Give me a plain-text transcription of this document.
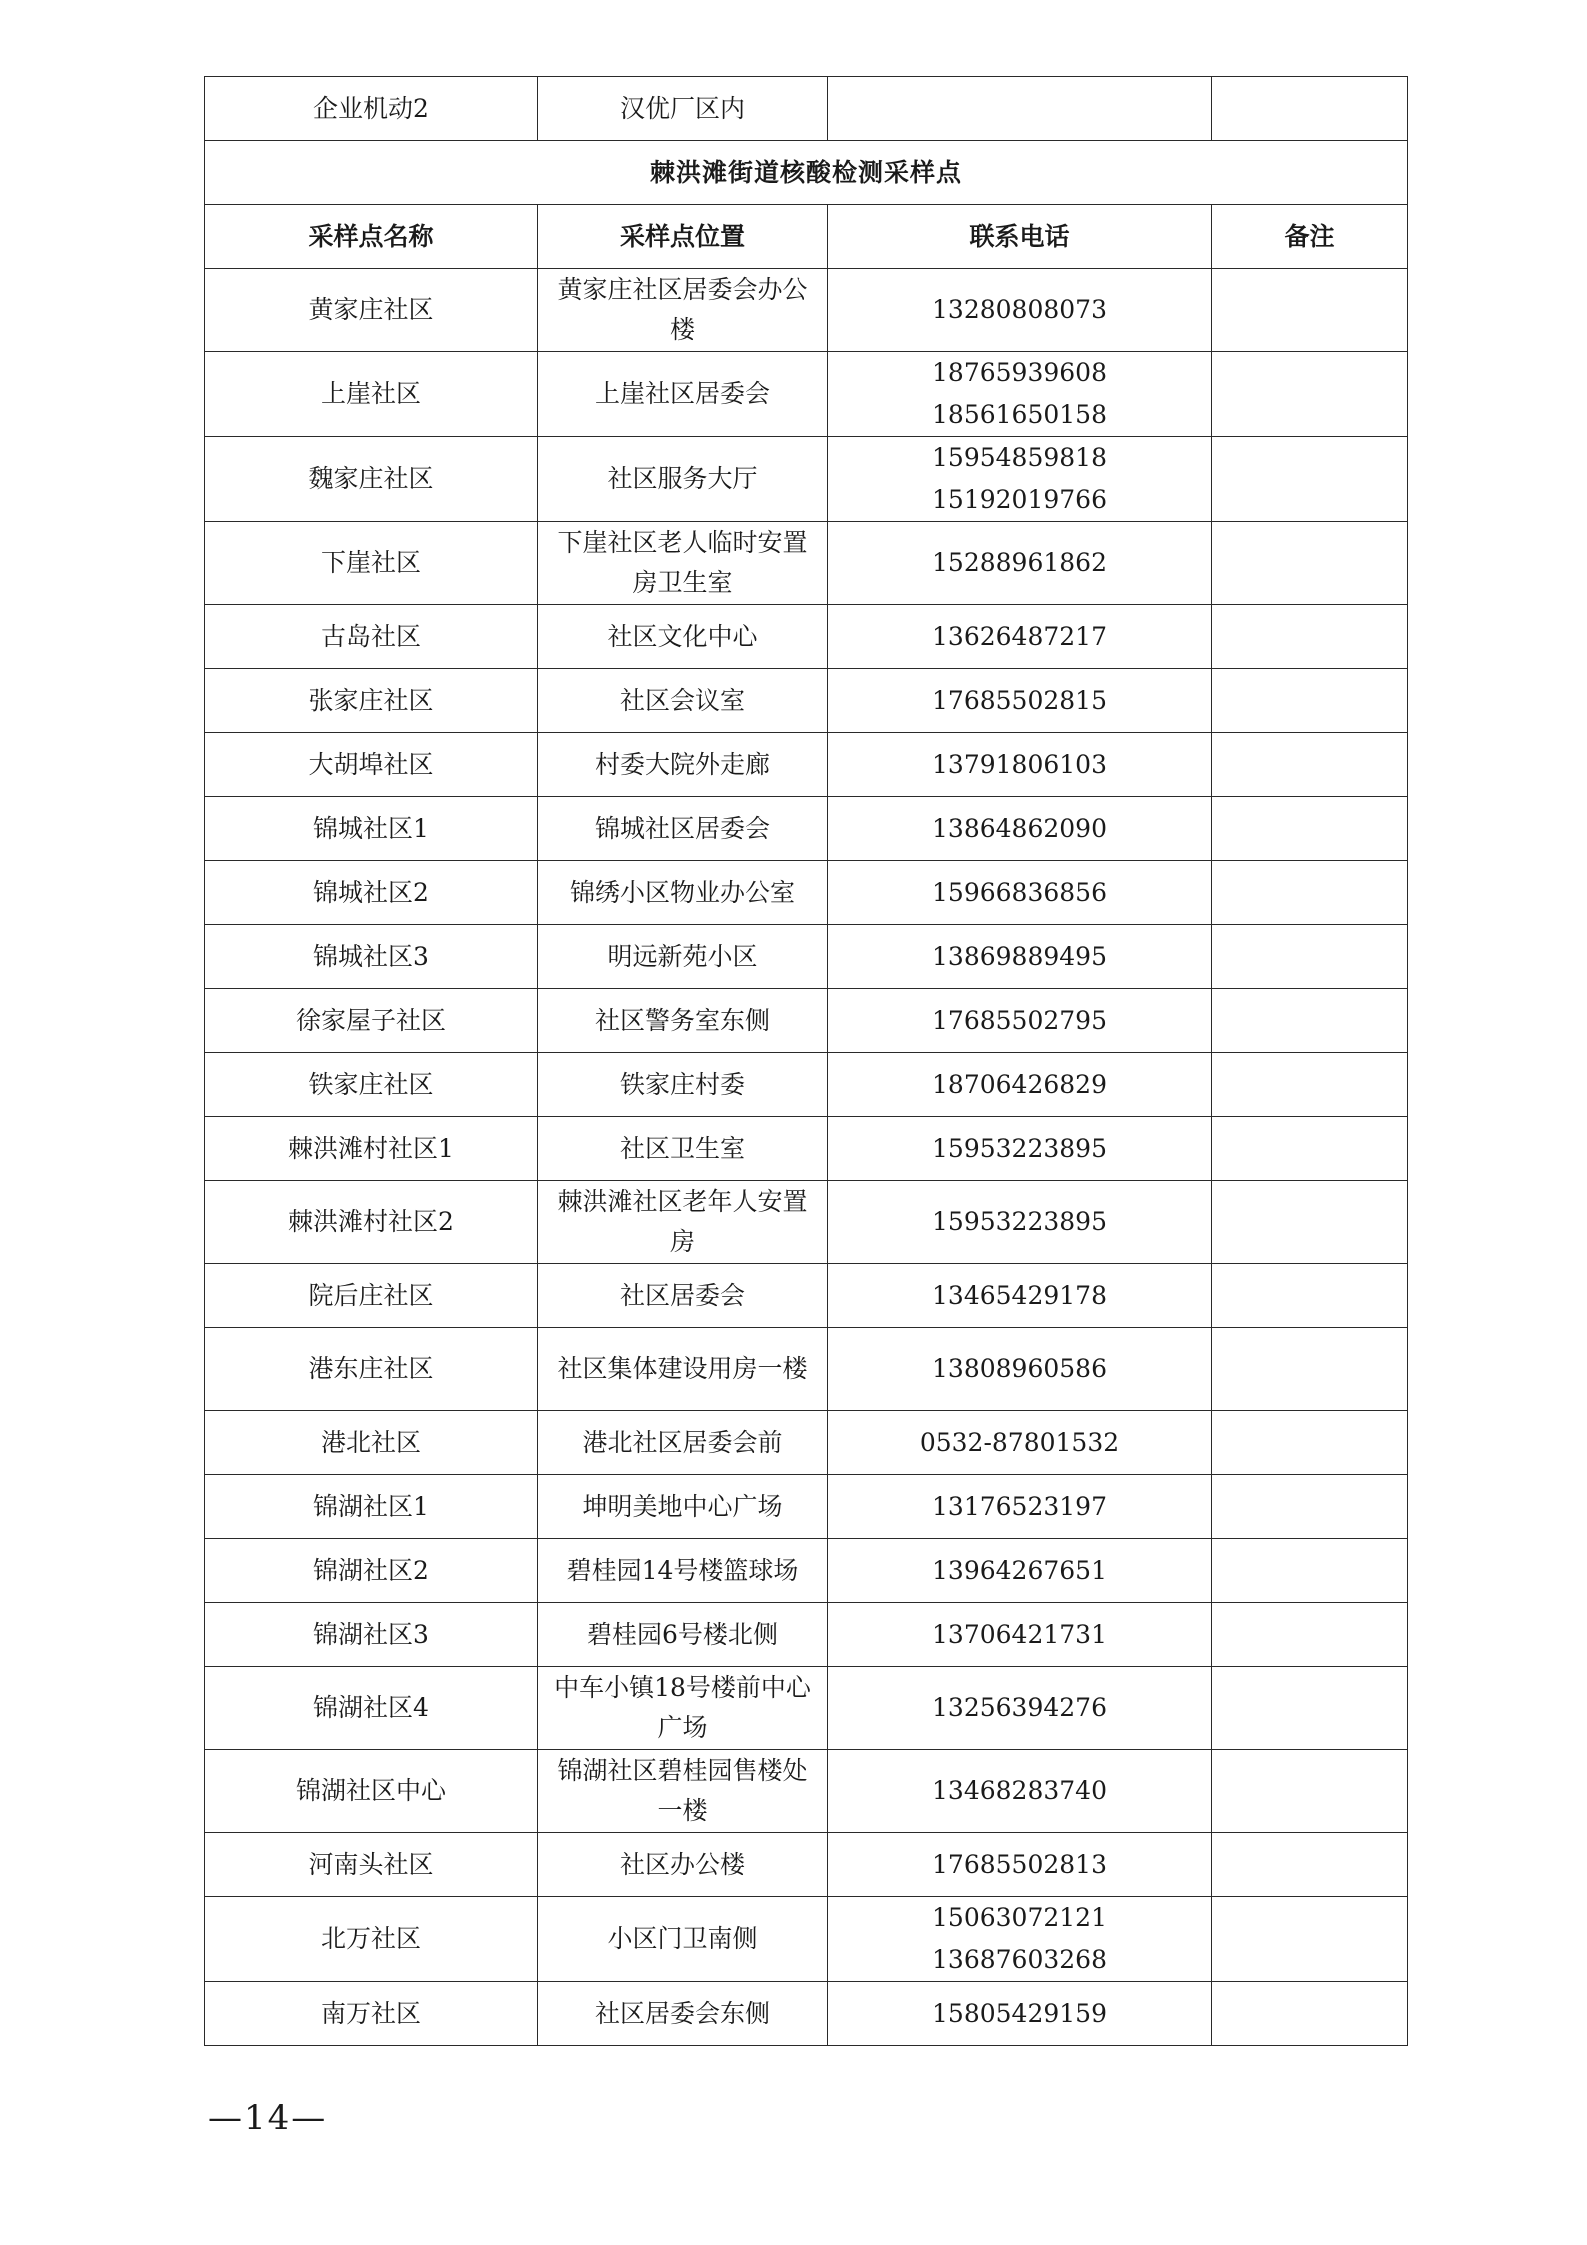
企业机动2	汉优厂区内		
棘洪滩街道核酸检测采样点			
采样点名称	采样点位置	联系电话	备注
黄家庄社区	黄家庄社区居委会办公楼	13280808073	

上崖社区	上崖社区居委会	18765939608
18561650158	

魏家庄社区	社区服务大厅	15954859818
15192019766	

下崖社区	下崖社区老人临时安置房卫生室	15288961862	

古岛社区	社区文化中心	13626487217	

张家庄社区	社区会议室	17685502815	

大胡埠社区	村委大院外走廊	13791806103	

锦城社区1	锦城社区居委会	13864862090	

锦城社区2	锦绣小区物业办公室	15966836856	

锦城社区3	明远新苑小区	13869889495	

徐家屋子社区	社区警务室东侧	17685502795	

铁家庄社区	铁家庄村委	18706426829	

棘洪滩村社区1	社区卫生室	15953223895	

棘洪滩村社区2	棘洪滩社区老年人安置房	15953223895	

院后庄社区	社区居委会	13465429178	

港东庄社区	社区集体建设用房一楼	13808960586	

港北社区	港北社区居委会前	0532-87801532	

锦湖社区1	坤明美地中心广场	13176523197	

锦湖社区2	碧桂园14号楼篮球场	13964267651	

锦湖社区3	碧桂园6号楼北侧	13706421731	

锦湖社区4	中车小镇18号楼前中心广场	13256394276	

锦湖社区中心	锦湖社区碧桂园售楼处一楼	13468283740	

河南头社区	社区办公楼	17685502813	

北万社区	小区门卫南侧	15063072121
13687603268	

南万社区	社区居委会东侧	15805429159	

—14—
